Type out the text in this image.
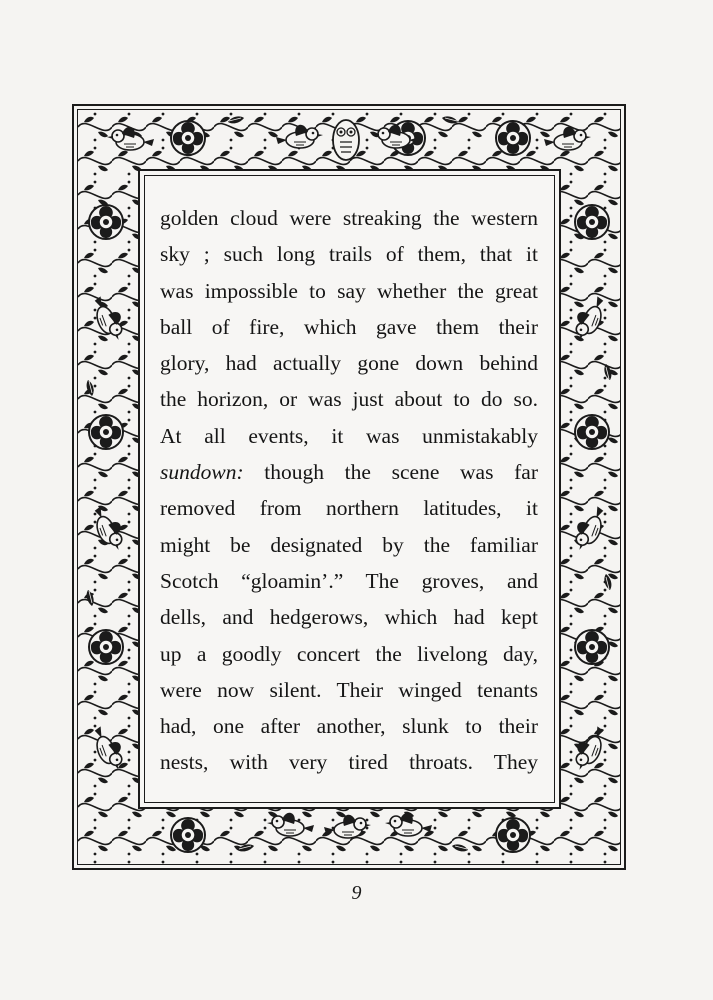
golden cloud were streaking the western
sky ; such long trails of them, that it
was impossible to say whether the great
ball of fire, which gave them their
glory, had actually gone down behind
the horizon, or was just about to do so.
At all events, it was unmistakably
sundown: though the scene was far
removed from northern latitudes, it
might be designated by the familiar
Scotch “gloamin’.” The groves, and
dells, and hedgerows, which had kept
up a goodly concert the livelong day,
were now silent. Their winged tenants
had, one after another, slunk to their
nests, with very tired throats. They
9
